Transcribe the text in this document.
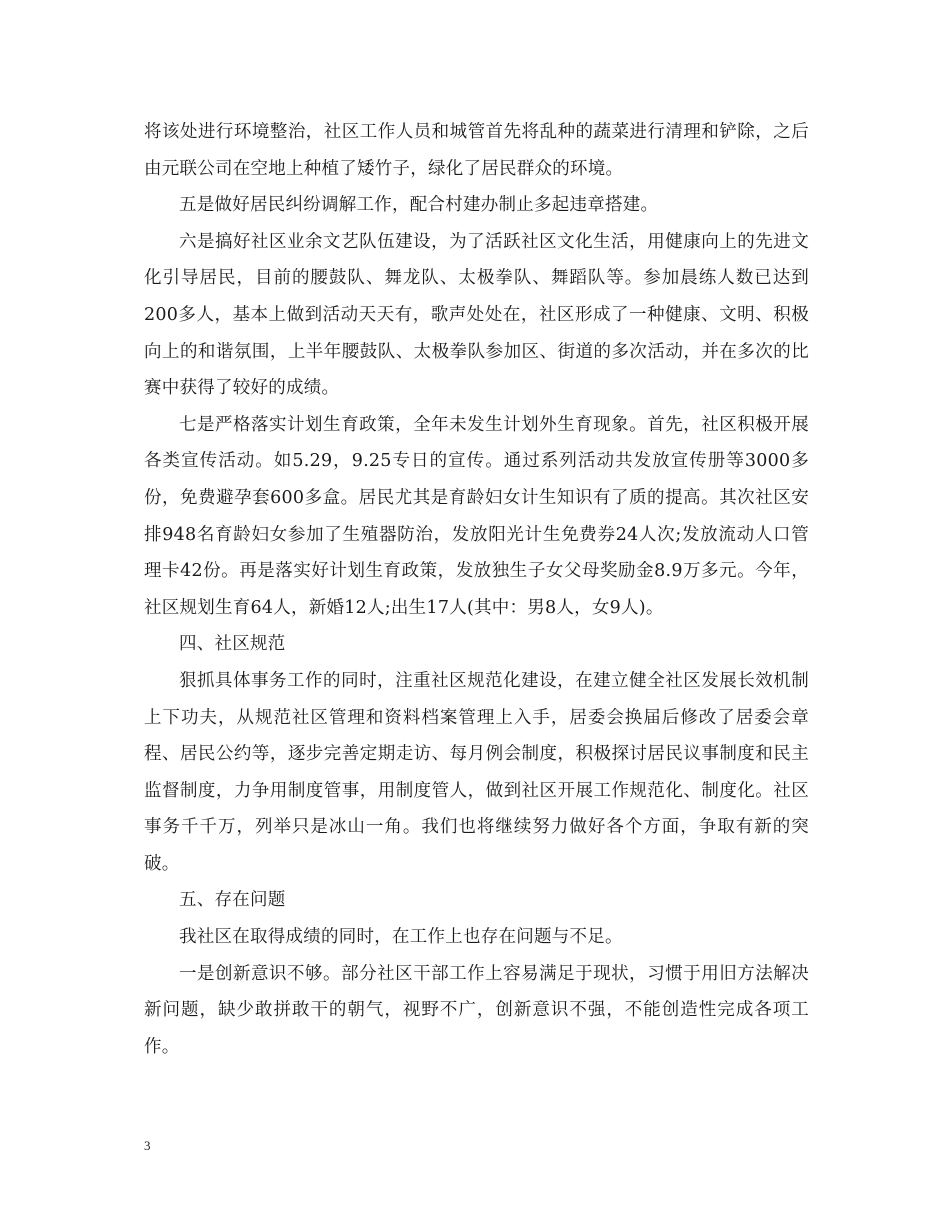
将该处进行环境整治，社区工作人员和城管首先将乱种的蔬菜进行清理和铲除，之后由元联公司在空地上种植了矮竹子，绿化了居民群众的环境。

五是做好居民纠纷调解工作，配合村建办制止多起违章搭建。

六是搞好社区业余文艺队伍建设，为了活跃社区文化生活，用健康向上的先进文化引导居民，目前的腰鼓队、舞龙队、太极拳队、舞蹈队等。参加晨练人数已达到200多人，基本上做到活动天天有，歌声处处在，社区形成了一种健康、文明、积极向上的和谐氛围，上半年腰鼓队、太极拳队参加区、街道的多次活动，并在多次的比赛中获得了较好的成绩。

七是严格落实计划生育政策，全年未发生计划外生育现象。首先，社区积极开展各类宣传活动。如5.29，9.25专日的宣传。通过系列活动共发放宣传册等3000多份，免费避孕套600多盒。居民尤其是育龄妇女计生知识有了质的提高。其次社区安排948名育龄妇女参加了生殖器防治，发放阳光计生免费券24人次;发放流动人口管理卡42份。再是落实好计划生育政策，发放独生子女父母奖励金8.9万多元。今年，社区规划生育64人，新婚12人;出生17人(其中：男8人，女9人)。

四、社区规范

狠抓具体事务工作的同时，注重社区规范化建设，在建立健全社区发展长效机制上下功夫，从规范社区管理和资料档案管理上入手，居委会换届后修改了居委会章程、居民公约等，逐步完善定期走访、每月例会制度，积极探讨居民议事制度和民主监督制度，力争用制度管事，用制度管人，做到社区开展工作规范化、制度化。社区事务千千万，列举只是冰山一角。我们也将继续努力做好各个方面，争取有新的突破。

五、存在问题

我社区在取得成绩的同时，在工作上也存在问题与不足。

一是创新意识不够。部分社区干部工作上容易满足于现状，习惯于用旧方法解决新问题，缺少敢拼敢干的朝气，视野不广，创新意识不强，不能创造性完成各项工作。

3
